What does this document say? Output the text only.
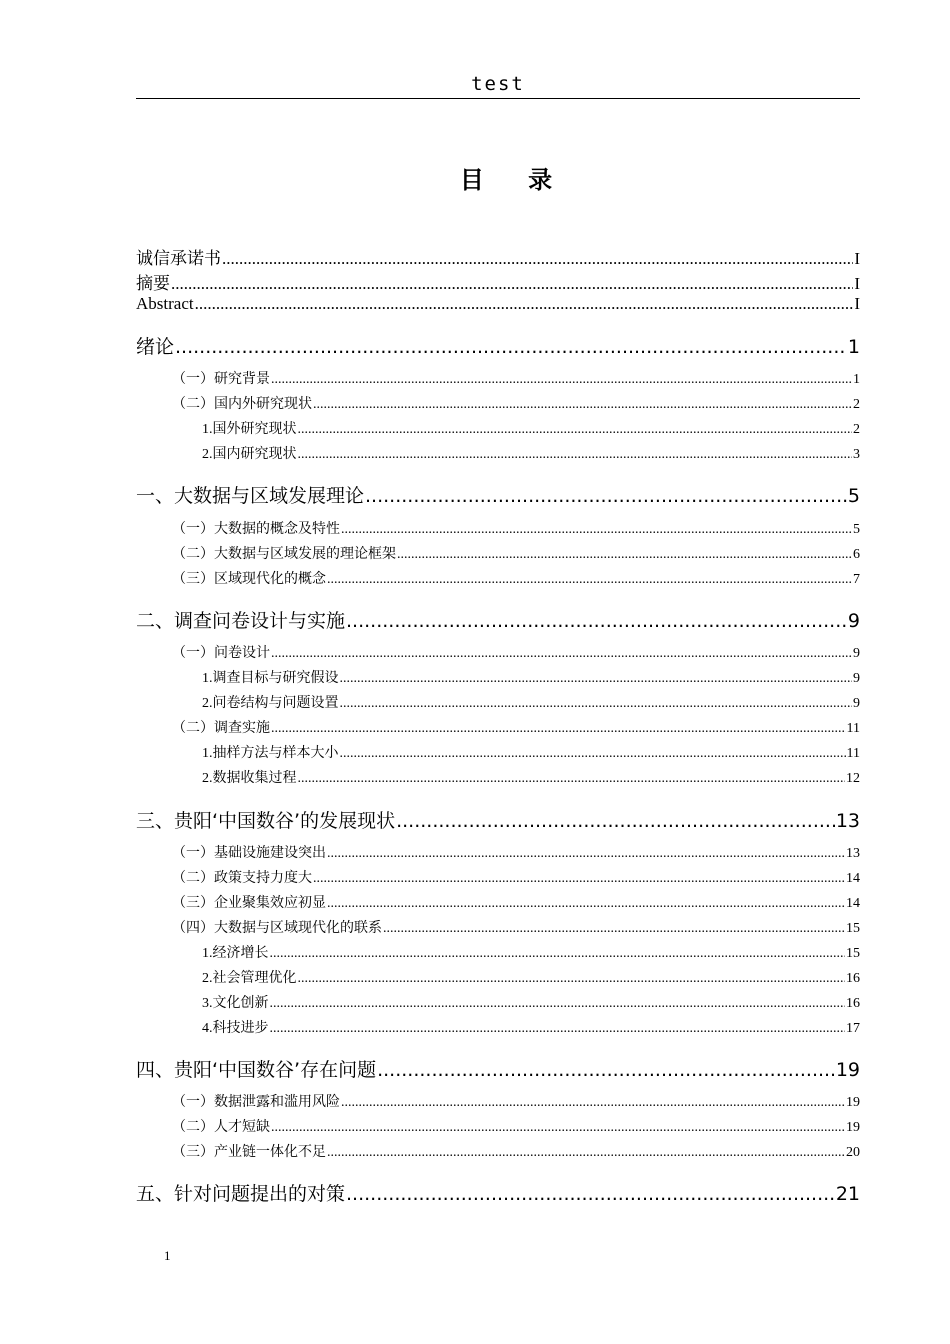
test
目 录
诚信承诺书 .....	I
摘要 .....	I
Abstract .....	I
绪论 .....	1
（一）研究背景 .....	1
（二）国内外研究现状 .....	2
1.国外研究现状 .....	2
2.国内研究现状 .....	3
一、大数据与区域发展理论 .....	5
（一）大数据的概念及特性 .....	5
（二）大数据与区域发展的理论框架 .....	6
（三）区域现代化的概念 .....	7
二、调查问卷设计与实施 .....	9
（一）问卷设计 .....	9
1.调查目标与研究假设 .....	9
2.问卷结构与问题设置 .....	9
（二）调查实施 .....	11
1.抽样方法与样本大小 .....	11
2.数据收集过程 .....	12
三、贵阳‘中国数谷’的发展现状 .....	13
（一）基础设施建设突出 .....	13
（二）政策支持力度大 .....	14
（三）企业聚集效应初显 .....	14
（四）大数据与区域现代化的联系 .....	15
1.经济增长 .....	15
2.社会管理优化 .....	16
3.文化创新 .....	16
4.科技进步 .....	17
四、贵阳‘中国数谷’存在问题 .....	19
（一）数据泄露和滥用风险 .....	19
（二）人才短缺 .....	19
（三）产业链一体化不足 .....	20
五、针对问题提出的对策 .....	21
1
